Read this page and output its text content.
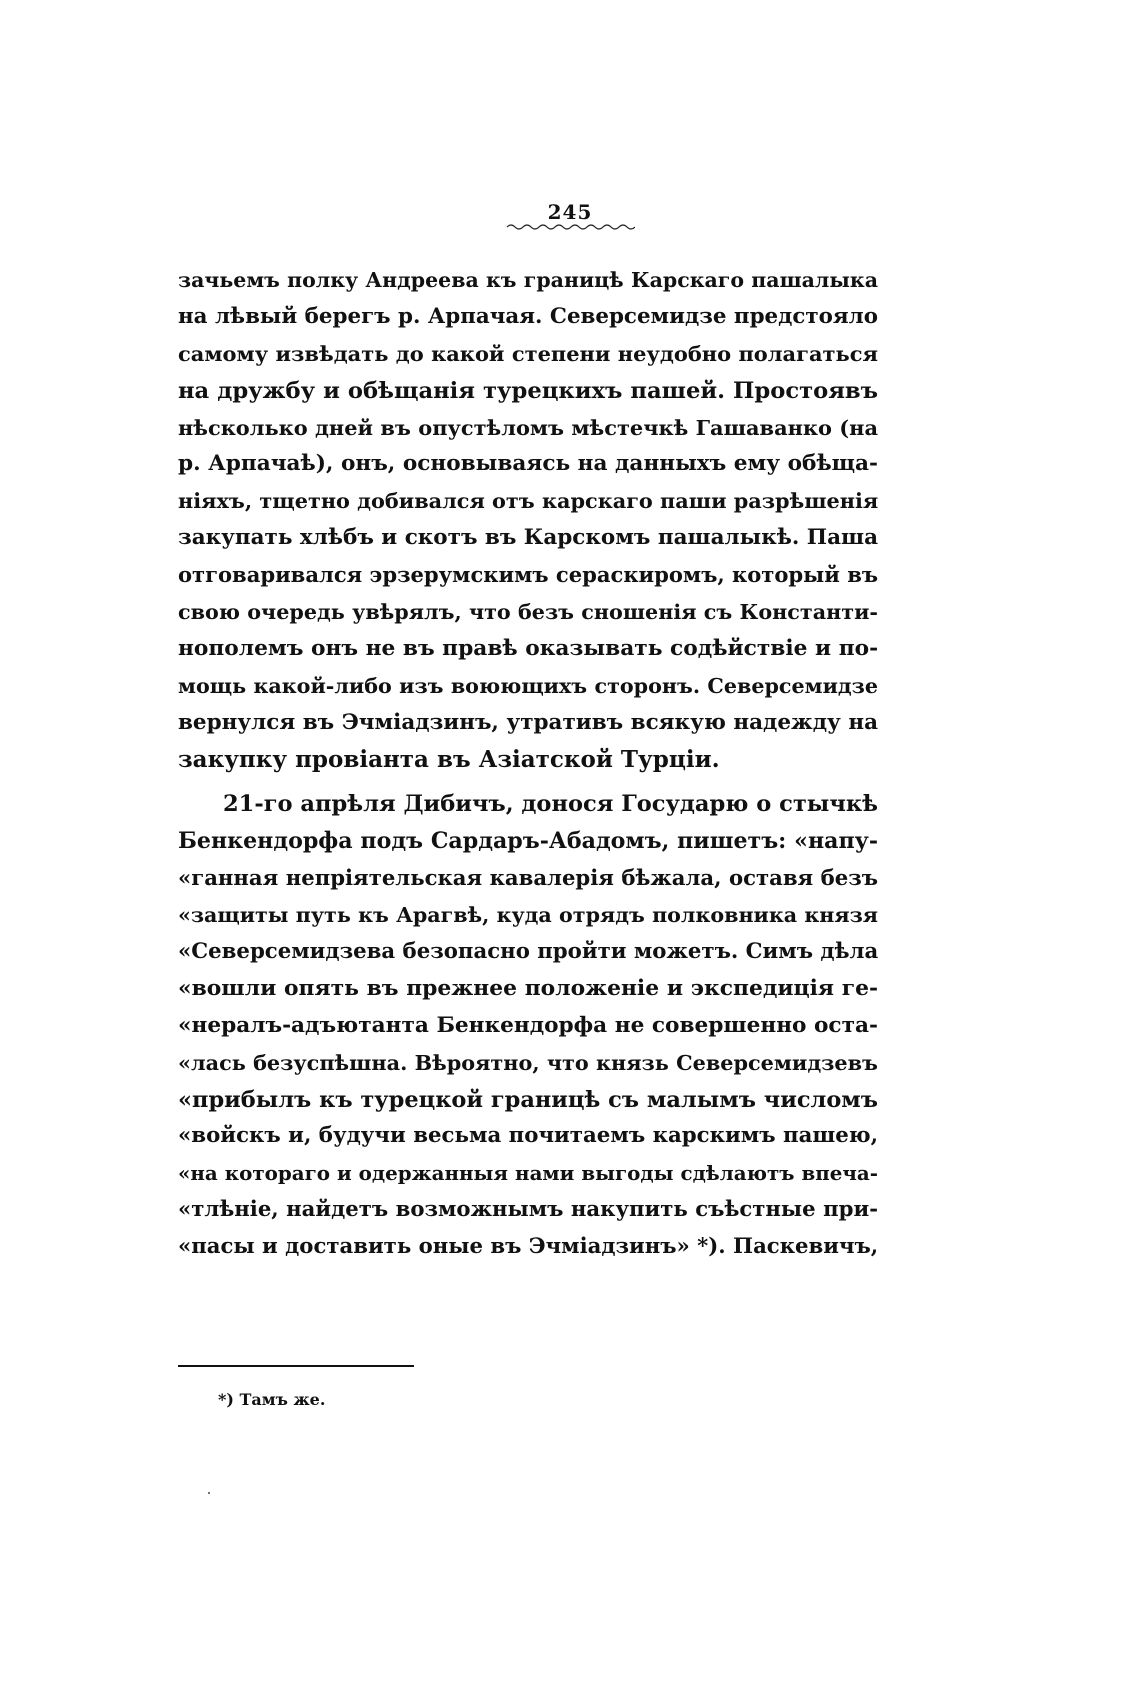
245
зачьемъ полку Андреева къ границѣ Карскаго пашалыка
на лѣвый берегъ р. Арпачая. Северсемидзе предстояло
самому извѣдать до какой степени неудобно полагаться
на дружбу и обѣщанія турецкихъ пашей. Простоявъ
нѣсколько дней въ опустѣломъ мѣстечкѣ Гашаванко (на
р. Арпачаѣ), онъ, основываясь на данныхъ ему обѣща-
ніяхъ, тщетно добивался отъ карскаго паши разрѣшенія
закупать хлѣбъ и скотъ въ Карскомъ пашалыкѣ. Паша
отговаривался эрзерумскимъ сераскиромъ, который въ
свою очередь увѣрялъ, что безъ сношенія съ Константи-
нополемъ онъ не въ правѣ оказывать содѣйствіе и по-
мощь какой-либо изъ воюющихъ сторонъ. Северсемидзе
вернулся въ Эчміадзинъ, утративъ всякую надежду на
закупку провіанта въ Азіатской Турціи.
21-го апрѣля Дибичъ, донося Государю о стычкѣ
Бенкендорфа подъ Сардаръ-Абадомъ, пишетъ: «напу-
«ганная непріятельская кавалерія бѣжала, оставя безъ
«защиты путь къ Арагвѣ, куда отрядъ полковника князя
«Северсемидзева безопасно пройти можетъ. Симъ дѣла
«вошли опять въ прежнее положеніе и экспедиція ге-
«нералъ-адъютанта Бенкендорфа не совершенно оста-
«лась безуспѣшна. Вѣроятно, что князь Северсемидзевъ
«прибылъ къ турецкой границѣ съ малымъ числомъ
«войскъ и, будучи весьма почитаемъ карскимъ пашею,
«на котораго и одержанныя нами выгоды сдѣлаютъ впеча-
«тлѣніе, найдетъ возможнымъ накупить съѣстные при-
«пасы и доставить оные въ Эчміадзинъ» *). Паскевичъ,
*) Тамъ же.
